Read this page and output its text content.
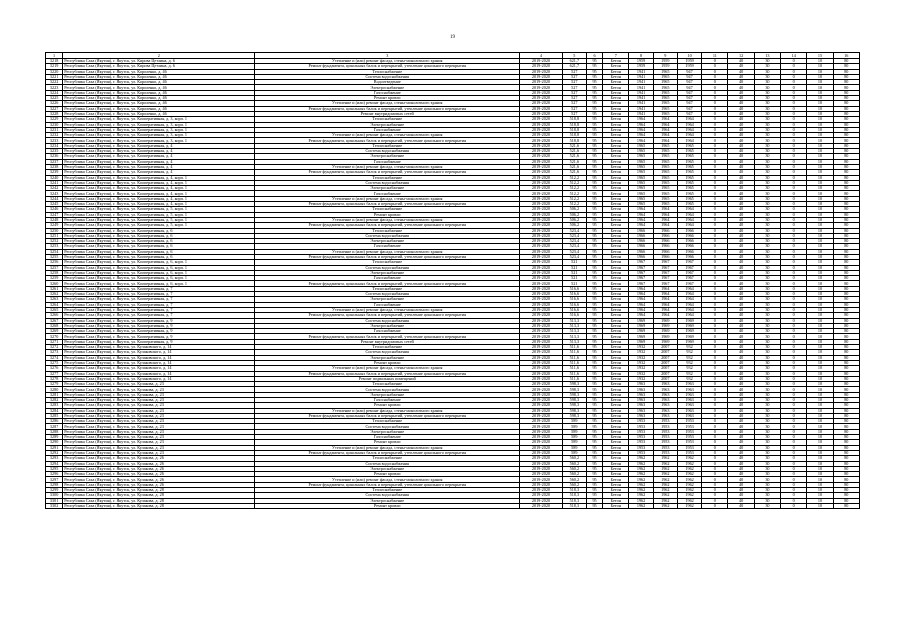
19
1	2	3	4	5	6	7	8	9	10	11	12	13	14	15	16
3218	Республика Саха (Якутия), г. Якутск, ул. Кирова Цетлина, д. 6	Утепление и (или) ремонт фасада, стены-монолитного здания	2019-2020	621,7	95	Бетон	1959	1959	1959	0	40	30	0	10	80
3219	Республика Саха (Якутия), г. Якутск, ул. Кирова Цетлина, д. 6	Ремонт фундамента, цокольных балок и перекрытий, утепление цокольного перекрытия	2019-2020	621,7	95	Бетон	1959	1959	1959	0	40	30	0	10	80
3220	Республика Саха (Якутия), г. Якутск, ул. Короленко, д. 46	Теплоснабжение	2019-2020	527	95	Бетон	1941	1965	947	0	40	30	0	10	80
3221	Республика Саха (Якутия), г. Якутск, ул. Короленко, д. 46	Система водоснабжения	2019-2020	527	95	Бетон	1941	1965	947	0	40	30	0	10	80
3222	Республика Саха (Якутия), г. Якутск, ул. Короленко, д. 46	Водоотведение	2019-2020	527	95	Бетон	1941	1965	947	0	40	30	0	10	80
3223	Республика Саха (Якутия), г. Якутск, ул. Короленко, д. 46	Электроснабжение	2019-2020	527	95	Бетон	1941	1965	947	0	40	30	0	10	80
3224	Республика Саха (Якутия), г. Якутск, ул. Короленко, д. 46	Газоснабжение	2019-2020	527	95	Бетон	1941	1965	947	0	40	30	0	10	80
3225	Республика Саха (Якутия), г. Якутск, ул. Короленко, д. 46	Ремонт кровли	2019-2020	527	95	Бетон	1941	1965	947	0	40	30	0	10	80
3226	Республика Саха (Якутия), г. Якутск, ул. Короленко, д. 46	Утепление и (или) ремонт фасада, стены-монолитного здания	2019-2020	527	95	Бетон	1941	1965	947	0	40	30	0	10	80
3227	Республика Саха (Якутия), г. Якутск, ул. Короленко, д. 46	Ремонт фундамента, цокольных балок и перекрытий, утепление цокольного перекрытия	2019-2020	527	95	Бетон	1941	1965	947	0	40	30	0	10	80
3228	Республика Саха (Якутия), г. Якутск, ул. Короленко, д. 46	Ремонт внутридомовых сетей	2019-2020	527	95	Бетон	1941	1965	947	0	40	30	0	10	80
3229	Республика Саха (Якутия), г. Якутск, ул. Кооперативная, д. 3, корп. 1	Теплоснабжение	2019-2020	518,8	95	Бетон	1964	1964	1964	0	40	30	0	10	80
3230	Республика Саха (Якутия), г. Якутск, ул. Кооперативная, д. 3, корп. 1	Электроснабжение	2019-2020	518,8	95	Бетон	1964	1964	1964	0	40	30	0	10	80
3231	Республика Саха (Якутия), г. Якутск, ул. Кооперативная, д. 3, корп. 1	Газоснабжение	2019-2020	518,8	95	Бетон	1964	1964	1964	0	40	30	0	10	80
3232	Республика Саха (Якутия), г. Якутск, ул. Кооперативная, д. 3, корп. 1	Утепление и (или) ремонт фасада, стены-монолитного здания	2019-2020	518,8	95	Бетон	1964	1964	1964	0	40	30	0	10	80
3233	Республика Саха (Якутия), г. Якутск, ул. Кооперативная, д. 3, корп. 1	Ремонт фундамента, цокольных балок и перекрытий, утепление цокольного перекрытия	2019-2020	518,8	95	Бетон	1964	1964	1964	0	40	30	0	10	80
3234	Республика Саха (Якутия), г. Якутск, ул. Кооперативная, д. 4	Теплоснабжение	2019-2020	521,6	95	Бетон	1965	1965	1965	0	40	30	0	10	80
3235	Республика Саха (Якутия), г. Якутск, ул. Кооперативная, д. 4	Система водоснабжения	2019-2020	521,6	95	Бетон	1965	1965	1965	0	40	30	0	10	80
3236	Республика Саха (Якутия), г. Якутск, ул. Кооперативная, д. 4	Электроснабжение	2019-2020	521,6	95	Бетон	1965	1965	1965	0	40	30	0	10	80
3237	Республика Саха (Якутия), г. Якутск, ул. Кооперативная, д. 4	Газоснабжение	2019-2020	521,6	95	Бетон	1965	1965	1965	0	40	30	0	10	80
3238	Республика Саха (Якутия), г. Якутск, ул. Кооперативная, д. 4	Утепление и (или) ремонт фасада, стены-монолитного здания	2019-2020	521,6	95	Бетон	1965	1965	1965	0	40	30	0	10	80
3239	Республика Саха (Якутия), г. Якутск, ул. Кооперативная, д. 4	Ремонт фундамента, цокольных балок и перекрытий, утепление цокольного перекрытия	2019-2020	521,6	95	Бетон	1965	1965	1965	0	40	30	0	10	80
3240	Республика Саха (Якутия), г. Якутск, ул. Кооперативная, д. 4, корп. 1	Теплоснабжение	2019-2020	512,2	95	Бетон	1965	1965	1965	0	40	30	0	10	80
3241	Республика Саха (Якутия), г. Якутск, ул. Кооперативная, д. 4, корп. 1	Система водоснабжения	2019-2020	512,2	95	Бетон	1965	1965	1965	0	40	30	0	10	80
3242	Республика Саха (Якутия), г. Якутск, ул. Кооперативная, д. 4, корп. 1	Электроснабжение	2019-2020	512,2	95	Бетон	1965	1965	1965	0	40	30	0	10	80
3243	Республика Саха (Якутия), г. Якутск, ул. Кооперативная, д. 4, корп. 1	Газоснабжение	2019-2020	512,2	95	Бетон	1965	1965	1965	0	40	30	0	10	80
3244	Республика Саха (Якутия), г. Якутск, ул. Кооперативная, д. 4, корп. 1	Утепление и (или) ремонт фасада, стены-монолитного здания	2019-2020	512,2	95	Бетон	1965	1965	1965	0	40	30	0	10	80
3245	Республика Саха (Якутия), г. Якутск, ул. Кооперативная, д. 4, корп. 1	Ремонт фундамента, цокольных балок и перекрытий, утепление цокольного перекрытия	2019-2020	512,2	95	Бетон	1965	1965	1965	0	40	30	0	10	80
3246	Республика Саха (Якутия), г. Якутск, ул. Кооперативная, д. 5, корп. 1	Теплоснабжение	2019-2020	506,2	95	Бетон	1964	1964	1964	0	40	30	0	10	80
3247	Республика Саха (Якутия), г. Якутск, ул. Кооперативная, д. 5, корп. 1	Ремонт кровли	2019-2020	506,2	95	Бетон	1964	1964	1964	0	40	30	0	10	80
3248	Республика Саха (Якутия), г. Якутск, ул. Кооперативная, д. 5, корп. 1	Утепление и (или) ремонт фасада, стены-монолитного здания	2019-2020	506,2	95	Бетон	1964	1964	1964	0	40	30	0	10	80
3249	Республика Саха (Якутия), г. Якутск, ул. Кооперативная, д. 5, корп. 1	Ремонт фундамента, цокольных балок и перекрытий, утепление цокольного перекрытия	2019-2020	506,2	95	Бетон	1964	1964	1964	0	40	30	0	10	80
3250	Республика Саха (Якутия), г. Якутск, ул. Кооперативная, д. 6	Теплоснабжение	2019-2020	523,4	95	Бетон	1966	1966	1966	0	40	30	0	10	80
3251	Республика Саха (Якутия), г. Якутск, ул. Кооперативная, д. 6	Система водоснабжения	2019-2020	523,4	95	Бетон	1966	1966	1966	0	40	30	0	10	80
3252	Республика Саха (Якутия), г. Якутск, ул. Кооперативная, д. 6	Электроснабжение	2019-2020	523,4	95	Бетон	1966	1966	1966	0	40	30	0	10	80
3253	Республика Саха (Якутия), г. Якутск, ул. Кооперативная, д. 6	Газоснабжение	2019-2020	523,4	95	Бетон	1966	1966	1966	0	40	30	0	10	80
3254	Республика Саха (Якутия), г. Якутск, ул. Кооперативная, д. 6	Утепление и (или) ремонт фасада, стены-монолитного здания	2019-2020	523,4	95	Бетон	1966	1966	1966	0	40	30	0	10	80
3255	Республика Саха (Якутия), г. Якутск, ул. Кооперативная, д. 6	Ремонт фундамента, цокольных балок и перекрытий, утепление цокольного перекрытия	2019-2020	523,4	95	Бетон	1966	1966	1966	0	40	30	0	10	80
3256	Республика Саха (Якутия), г. Якутск, ул. Кооперативная, д. 6, корп. 1	Теплоснабжение	2019-2020	521	95	Бетон	1967	1967	1967	0	40	30	0	10	80
3257	Республика Саха (Якутия), г. Якутск, ул. Кооперативная, д. 6, корп. 1	Система водоснабжения	2019-2020	521	95	Бетон	1967	1967	1967	0	40	30	0	10	80
3258	Республика Саха (Якутия), г. Якутск, ул. Кооперативная, д. 6, корп. 1	Электроснабжение	2019-2020	521	95	Бетон	1967	1967	1967	0	40	30	0	10	80
3259	Республика Саха (Якутия), г. Якутск, ул. Кооперативная, д. 6, корп. 1	Газоснабжение	2019-2020	521	95	Бетон	1967	1967	1967	0	40	30	0	10	80
3260	Республика Саха (Якутия), г. Якутск, ул. Кооперативная, д. 6, корп. 1	Ремонт фундамента, цокольных балок и перекрытий, утепление цокольного перекрытия	2019-2020	521	95	Бетон	1967	1967	1967	0	40	30	0	10	80
3261	Республика Саха (Якутия), г. Якутск, ул. Кооперативная, д. 7	Теплоснабжение	2019-2020	516,6	95	Бетон	1964	1964	1964	0	40	30	0	10	80
3262	Республика Саха (Якутия), г. Якутск, ул. Кооперативная, д. 7	Система водоснабжения	2019-2020	516,6	95	Бетон	1964	1964	1964	0	40	30	0	10	80
3263	Республика Саха (Якутия), г. Якутск, ул. Кооперативная, д. 7	Электроснабжение	2019-2020	516,6	95	Бетон	1964	1964	1964	0	40	30	0	10	80
3264	Республика Саха (Якутия), г. Якутск, ул. Кооперативная, д. 7	Газоснабжение	2019-2020	516,6	95	Бетон	1964	1964	1964	0	40	30	0	10	80
3265	Республика Саха (Якутия), г. Якутск, ул. Кооперативная, д. 7	Утепление и (или) ремонт фасада, стены-монолитного здания	2019-2020	516,6	95	Бетон	1964	1964	1964	0	40	30	0	10	80
3266	Республика Саха (Якутия), г. Якутск, ул. Кооперативная, д. 7	Ремонт фундамента, цокольных балок и перекрытий, утепление цокольного перекрытия	2019-2020	516,6	95	Бетон	1964	1964	1964	0	40	30	0	10	80
3267	Республика Саха (Якутия), г. Якутск, ул. Кооперативная, д. 9	Система водоснабжения	2019-2020	513,3	95	Бетон	1969	1969	1969	0	40	30	0	10	80
3268	Республика Саха (Якутия), г. Якутск, ул. Кооперативная, д. 9	Электроснабжение	2019-2020	513,3	95	Бетон	1969	1969	1969	0	40	30	0	10	80
3269	Республика Саха (Якутия), г. Якутск, ул. Кооперативная, д. 9	Газоснабжение	2019-2020	513,3	95	Бетон	1969	1969	1969	0	40	30	0	10	80
3270	Республика Саха (Якутия), г. Якутск, ул. Кооперативная, д. 9	Ремонт фундамента, цокольных балок и перекрытий, утепление цокольного перекрытия	2019-2020	513,3	95	Бетон	1969	1969	1969	0	40	30	0	10	80
3271	Республика Саха (Якутия), г. Якутск, ул. Кооперативная, д. 9	Ремонт внутридомовых сетей	2019-2020	513,3	95	Бетон	1969	1969	1969	0	40	30	0	10	80
3272	Республика Саха (Якутия), г. Якутск, ул. Кулаковского, д. 14	Теплоснабжение	2019-2020	511,6	95	Бетон	1932	2007	932	0	40	30	0	10	80
3273	Республика Саха (Якутия), г. Якутск, ул. Кулаковского, д. 14	Система водоснабжения	2019-2020	511,6	95	Бетон	1932	2007	932	0	40	30	0	10	80
3274	Республика Саха (Якутия), г. Якутск, ул. Кулаковского, д. 14	Электроснабжение	2019-2020	511,6	95	Бетон	1932	2007	932	0	40	30	0	10	80
3275	Республика Саха (Якутия), г. Якутск, ул. Кулаковского, д. 14	Ремонт кровли	2019-2020	511,6	95	Бетон	1932	2007	932	0	40	30	0	10	80
3276	Республика Саха (Якутия), г. Якутск, ул. Кулаковского, д. 14	Утепление и (или) ремонт фасада, стены-монолитного здания	2019-2020	511,6	95	Бетон	1932	2007	932	0	40	30	0	10	80
3277	Республика Саха (Якутия), г. Якутск, ул. Кулаковского, д. 14	Ремонт фундамента, цокольных балок и перекрытий, утепление цокольного перекрытия	2019-2020	511,6	95	Бетон	1932	2007	932	0	40	30	0	10	80
3278	Республика Саха (Якутия), г. Якутск, ул. Кулаковского, д. 14	Ремонт подвальных помещений	2019-2020	511,6	95	Бетон	1932	2007	932	0	40	30	0	10	80
3279	Республика Саха (Якутия), г. Якутск, ул. Кулакова, д. 23	Теплоснабжение	2019-2020	598,3	95	Бетон	1963	1963	1963	0	40	30	0	10	80
3280	Республика Саха (Якутия), г. Якутск, ул. Кулакова, д. 23	Система водоснабжения	2019-2020	598,3	95	Бетон	1963	1963	1963	0	40	30	0	10	80
3281	Республика Саха (Якутия), г. Якутск, ул. Кулакова, д. 23	Электроснабжение	2019-2020	598,3	95	Бетон	1963	1963	1963	0	40	30	0	10	80
3282	Республика Саха (Якутия), г. Якутск, ул. Кулакова, д. 23	Газоснабжение	2019-2020	598,3	95	Бетон	1963	1963	1963	0	40	30	0	10	80
3283	Республика Саха (Якутия), г. Якутск, ул. Кулакова, д. 23	Ремонт кровли	2019-2020	598,3	95	Бетон	1963	1963	1963	0	40	30	0	10	80
3284	Республика Саха (Якутия), г. Якутск, ул. Кулакова, д. 23	Утепление и (или) ремонт фасада, стены-монолитного здания	2019-2020	598,3	95	Бетон	1963	1963	1963	0	40	30	0	10	80
3285	Республика Саха (Якутия), г. Якутск, ул. Кулакова, д. 23	Ремонт фундамента, цокольных балок и перекрытий, утепление цокольного перекрытия	2019-2020	598,3	95	Бетон	1963	1963	1963	0	40	30	0	10	80
3286	Республика Саха (Якутия), г. Якутск, ул. Кулакова, д. 23	Теплоснабжение	2019-2020	589	95	Бетон	1953	1953	1953	0	40	30	0	10	80
3287	Республика Саха (Якутия), г. Якутск, ул. Кулакова, д. 23	Система водоснабжения	2019-2020	589	95	Бетон	1953	1953	1953	0	40	30	0	10	80
3288	Республика Саха (Якутия), г. Якутск, ул. Кулакова, д. 23	Электроснабжение	2019-2020	589	95	Бетон	1953	1953	1953	0	40	30	0	10	80
3289	Республика Саха (Якутия), г. Якутск, ул. Кулакова, д. 23	Газоснабжение	2019-2020	589	95	Бетон	1953	1953	1953	0	40	30	0	10	80
3290	Республика Саха (Якутия), г. Якутск, ул. Кулакова, д. 23	Ремонт кровли	2019-2020	589	95	Бетон	1953	1953	1953	0	40	30	0	10	80
3291	Республика Саха (Якутия), г. Якутск, ул. Кулакова, д. 23	Утепление и (или) ремонт фасада, стены-монолитного здания	2019-2020	589	95	Бетон	1953	1953	1953	0	40	30	0	10	80
3292	Республика Саха (Якутия), г. Якутск, ул. Кулакова, д. 23	Ремонт фундамента, цокольных балок и перекрытий, утепление цокольного перекрытия	2019-2020	589	95	Бетон	1953	1953	1953	0	40	30	0	10	80
3293	Республика Саха (Якутия), г. Якутск, ул. Кулакова, д. 26	Теплоснабжение	2019-2020	560,2	95	Бетон	1962	1962	1962	0	40	30	0	10	80
3294	Республика Саха (Якутия), г. Якутск, ул. Кулакова, д. 26	Система водоснабжения	2019-2020	560,2	95	Бетон	1962	1962	1962	0	40	30	0	10	80
3295	Республика Саха (Якутия), г. Якутск, ул. Кулакова, д. 26	Электроснабжение	2019-2020	560,2	95	Бетон	1962	1962	1962	0	40	30	0	10	80
3296	Республика Саха (Якутия), г. Якутск, ул. Кулакова, д. 26	Ремонт кровли	2019-2020	560,2	95	Бетон	1962	1962	1962	0	40	30	0	10	80
3297	Республика Саха (Якутия), г. Якутск, ул. Кулакова, д. 26	Утепление и (или) ремонт фасада, стены-монолитного здания	2019-2020	560,2	95	Бетон	1962	1962	1962	0	40	30	0	10	80
3298	Республика Саха (Якутия), г. Якутск, ул. Кулакова, д. 26	Ремонт фундамента, цокольных балок и перекрытий, утепление цокольного перекрытия	2019-2020	560,2	95	Бетон	1962	1962	1962	0	40	30	0	10	80
3299	Республика Саха (Якутия), г. Якутск, ул. Кулакова, д. 28	Теплоснабжение	2019-2020	518,3	95	Бетон	1962	1962	1962	0	40	30	0	10	80
3300	Республика Саха (Якутия), г. Якутск, ул. Кулакова, д. 28	Система водоснабжения	2019-2020	518,3	95	Бетон	1962	1962	1962	0	40	30	0	10	80
3301	Республика Саха (Якутия), г. Якутск, ул. Кулакова, д. 28	Электроснабжение	2019-2020	518,3	95	Бетон	1962	1962	1962	0	40	30	0	10	80
3302	Республика Саха (Якутия), г. Якутск, ул. Кулакова, д. 28	Ремонт кровли	2019-2020	518,3	95	Бетон	1962	1962	1962	0	40	30	0	10	80
